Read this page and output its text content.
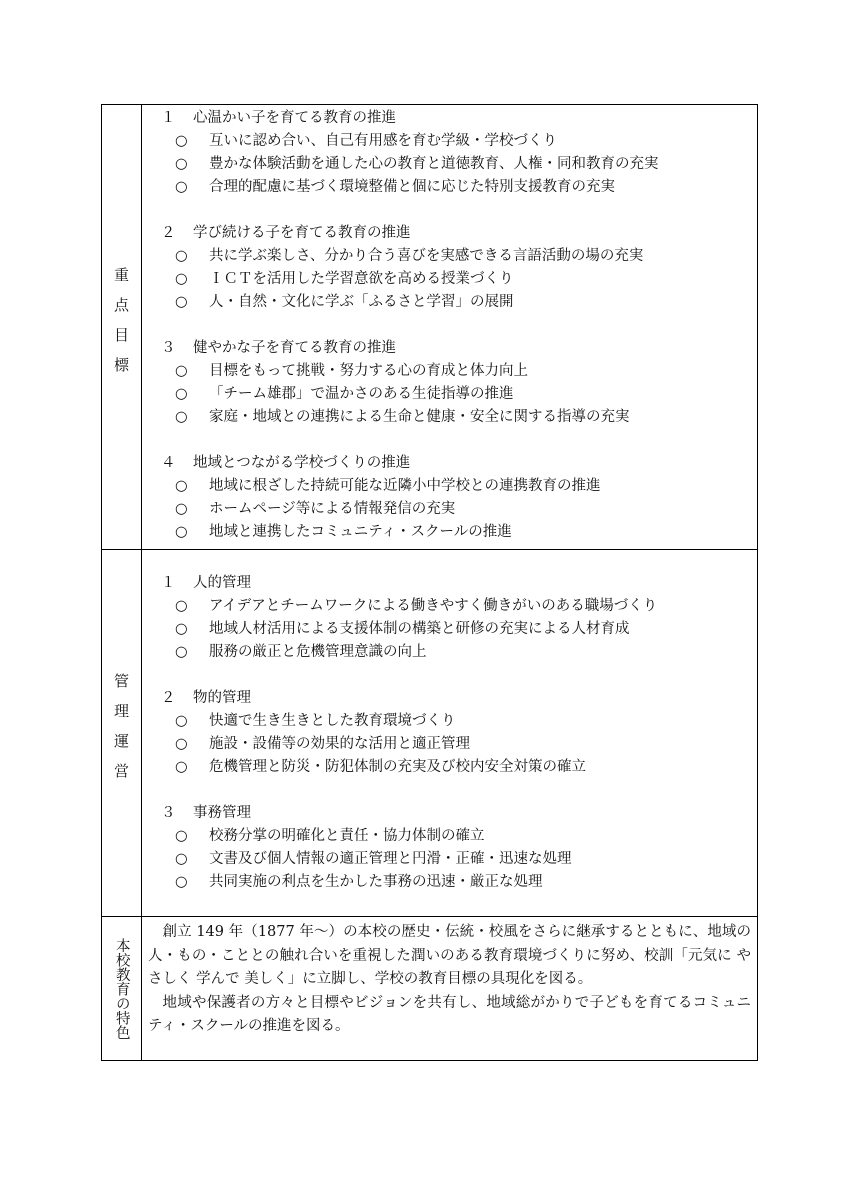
重点目標
１ 心温かい子を育てる教育の推進
○ 互いに認め合い、自己有用感を育む学級・学校づくり
○ 豊かな体験活動を通した心の教育と道徳教育、人権・同和教育の充実
○ 合理的配慮に基づく環境整備と個に応じた特別支援教育の充実
２ 学び続ける子を育てる教育の推進
○ 共に学ぶ楽しさ、分かり合う喜びを実感できる言語活動の場の充実
○ ＩＣＴを活用した学習意欲を高める授業づくり
○ 人・自然・文化に学ぶ「ふるさと学習」の展開
３ 健やかな子を育てる教育の推進
○ 目標をもって挑戦・努力する心の育成と体力向上
○ 「チーム雄郡」で温かさのある生徒指導の推進
○ 家庭・地域との連携による生命と健康・安全に関する指導の充実
４ 地域とつながる学校づくりの推進
○ 地域に根ざした持続可能な近隣小中学校との連携教育の推進
○ ホームページ等による情報発信の充実
○ 地域と連携したコミュニティ・スクールの推進
管理運営
１ 人的管理
○ アイデアとチームワークによる働きやすく働きがいのある職場づくり
○ 地域人材活用による支援体制の構築と研修の充実による人材育成
○ 服務の厳正と危機管理意識の向上
２ 物的管理
○ 快適で生き生きとした教育環境づくり
○ 施設・設備等の効果的な活用と適正管理
○ 危機管理と防災・防犯体制の充実及び校内安全対策の確立
３ 事務管理
○ 校務分掌の明確化と責任・協力体制の確立
○ 文書及び個人情報の適正管理と円滑・正確・迅速な処理
○ 共同実施の利点を生かした事務の迅速・厳正な処理
本校教育の特色

創立 149 年（1877 年～）の本校の歴史・伝統・校風をさらに継承するとともに、地域の人・もの・こととの触れ合いを重視した潤いのある教育環境づくりに努め、校訓「元気に やさしく 学んで 美しく」に立脚し、学校の教育目標の具現化を図る。

地域や保護者の方々と目標やビジョンを共有し、地域総がかりで子どもを育てるコミュニティ・スクールの推進を図る。
